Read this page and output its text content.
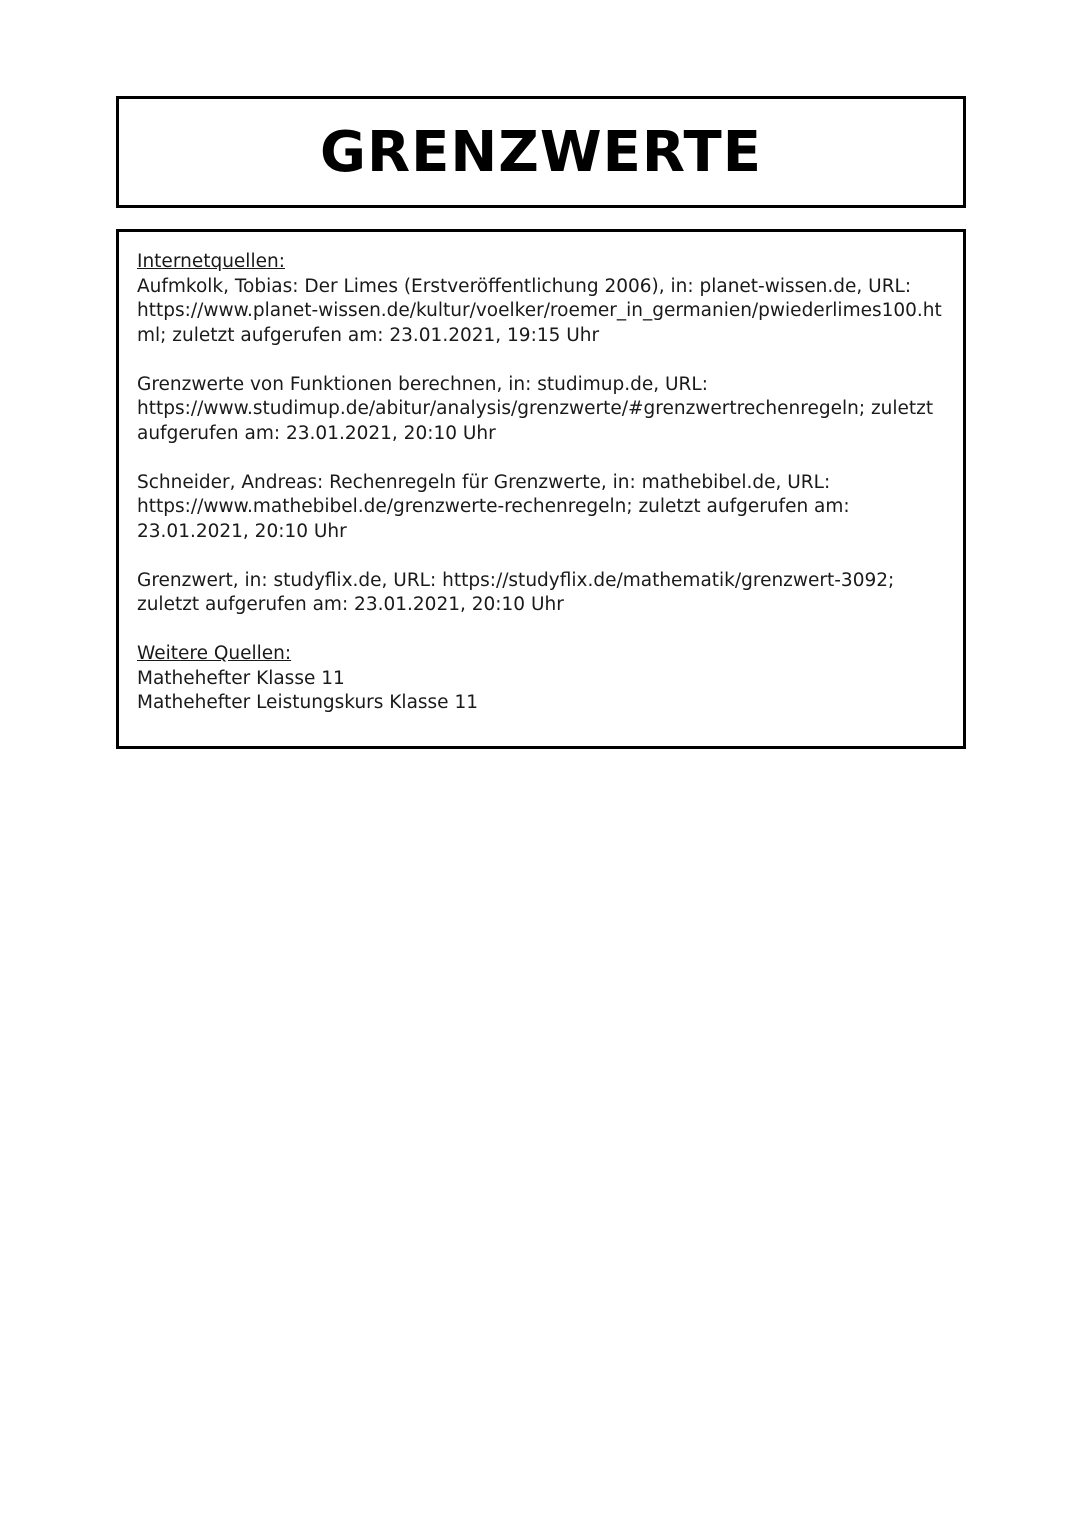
GRENZWERTE
Internetquellen:
Aufmkolk, Tobias: Der Limes (Erstveröffentlichung 2006), in: planet-wissen.de, URL:
https://www.planet-wissen.de/kultur/voelker/roemer_in_germanien/pwiederlimes100.html; zuletzt aufgerufen am: 23.01.2021, 19:15 Uhr
Grenzwerte von Funktionen berechnen, in: studimup.de, URL:
https://www.studimup.de/abitur/analysis/grenzwerte/#grenzwertrechenregeln; zuletzt aufgerufen am: 23.01.2021, 20:10 Uhr
Schneider, Andreas: Rechenregeln für Grenzwerte, in: mathebibel.de, URL:
https://www.mathebibel.de/grenzwerte-rechenregeln; zuletzt aufgerufen am: 23.01.2021, 20:10 Uhr
Grenzwert, in: studyflix.de, URL: https://studyflix.de/mathematik/grenzwert-3092; zuletzt aufgerufen am: 23.01.2021, 20:10 Uhr
Weitere Quellen:
Mathehefter Klasse 11
Mathehefter Leistungskurs Klasse 11
